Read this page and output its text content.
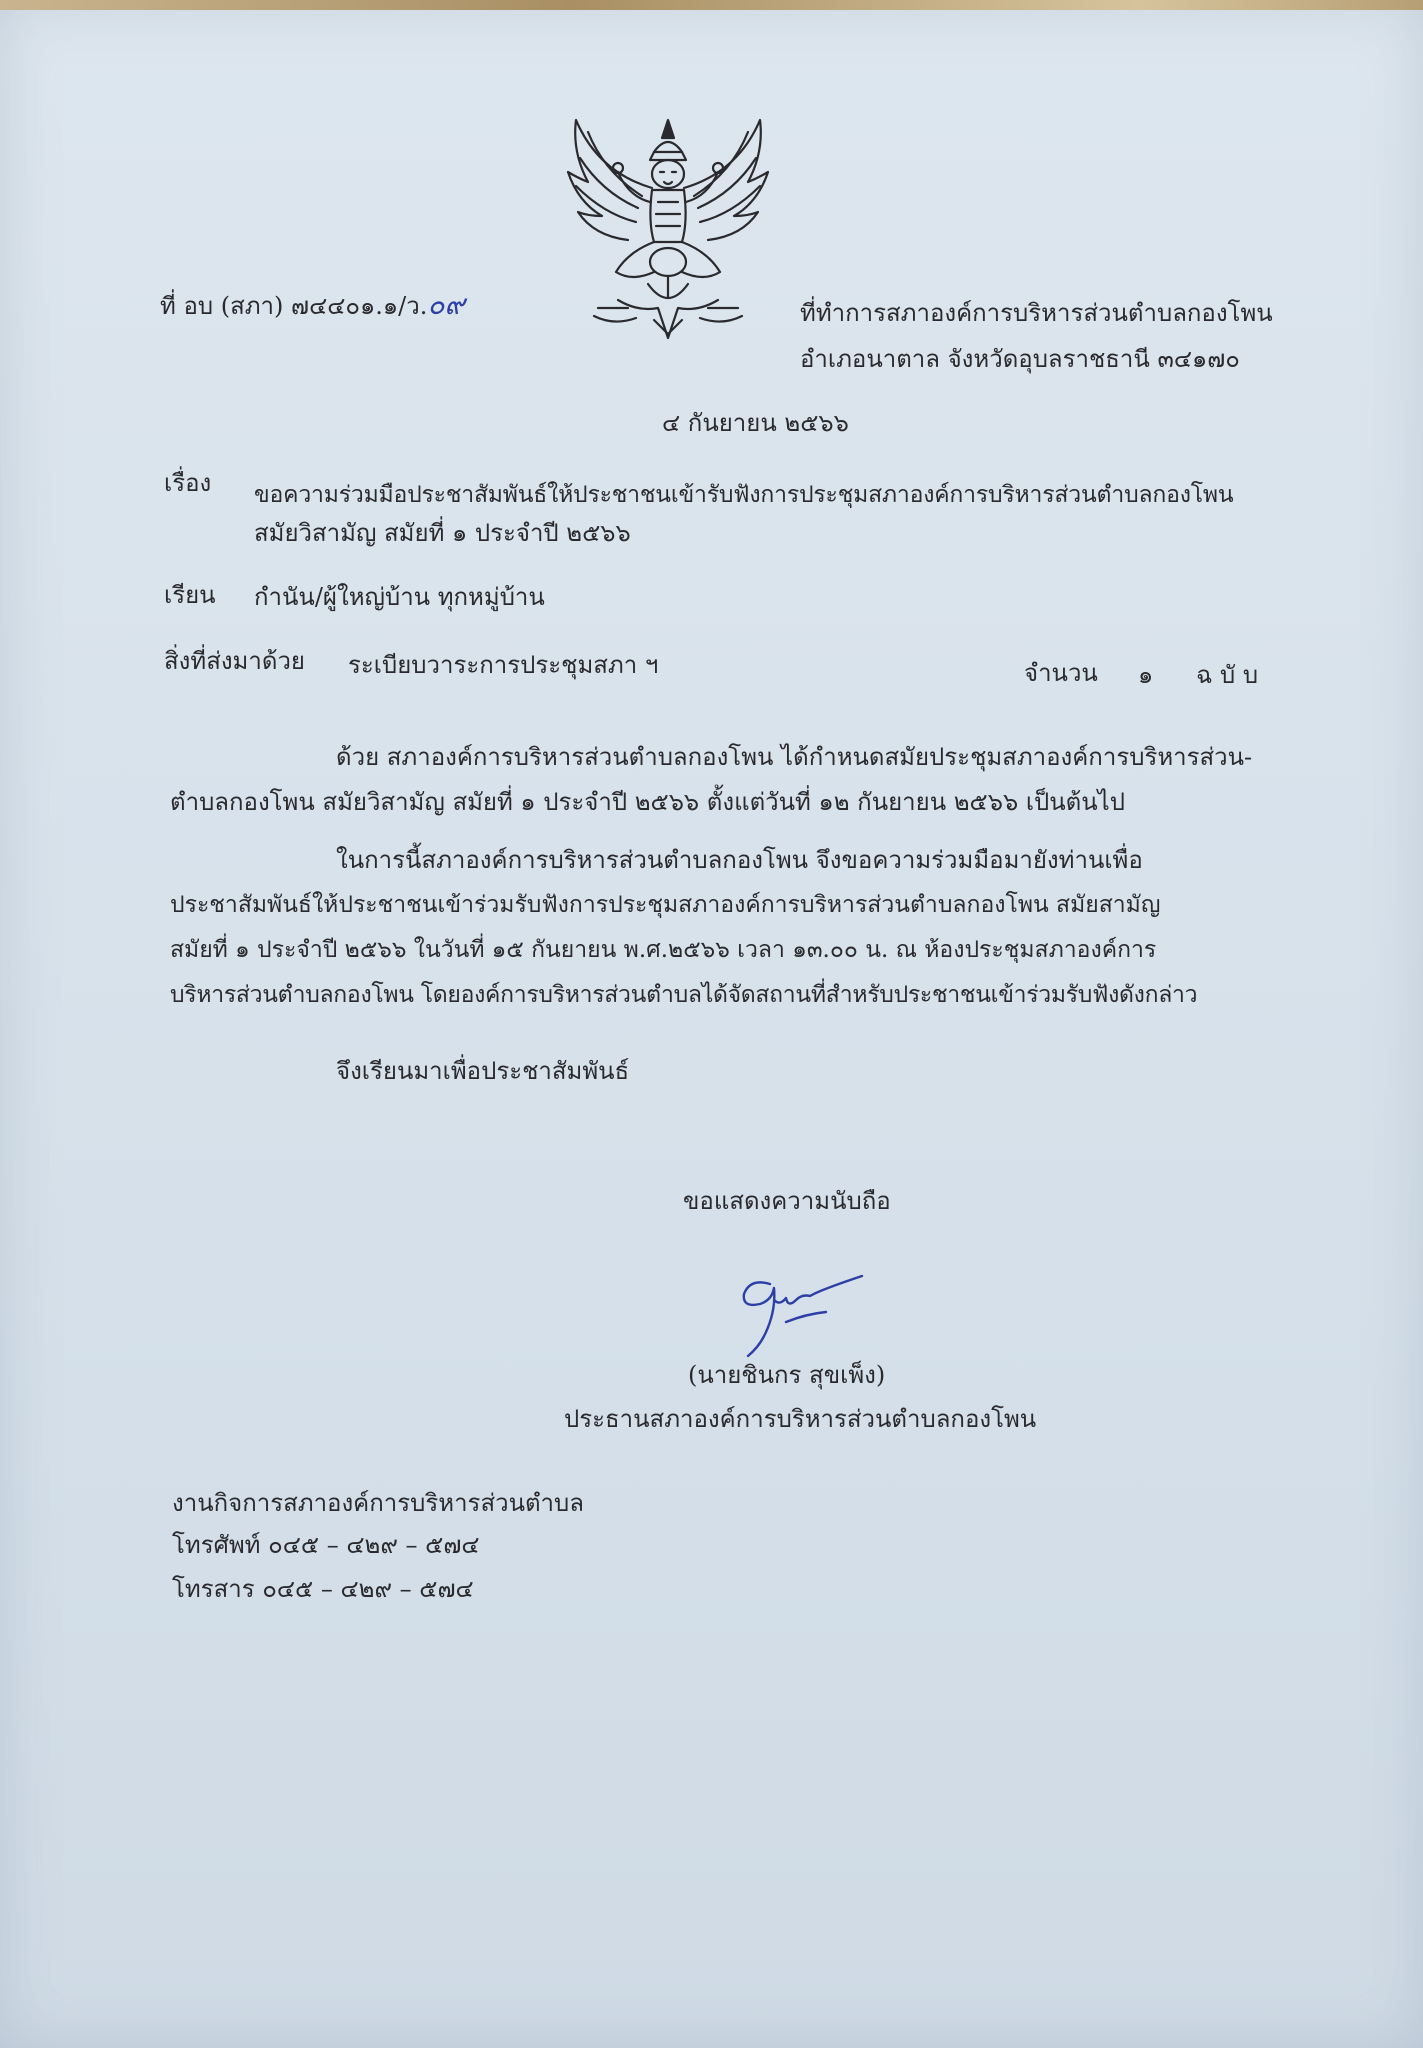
ที่ อบ (สภา) ๗๔๔๐๑.๑/ว.๐๙	ที่ทำการสภาองค์การบริหารส่วนตำบลกองโพน
อำเภอนาตาล จังหวัดอุบลราชธานี ๓๔๑๗๐
๔ กันยายน ๒๕๖๖
เรื่อง ขอความร่วมมือประชาสัมพันธ์ให้ประชาชนเข้ารับฟังการประชุมสภาองค์การบริหารส่วนตำบลกองโพน
สมัยวิสามัญ สมัยที่ ๑ ประจำปี ๒๕๖๖
เรียน กำนัน/ผู้ใหญ่บ้าน ทุกหมู่บ้าน
สิ่งที่ส่งมาด้วย ระเบียบวาระการประชุมสภา ฯ	จำนวน ๑ ฉ บั บ
ด้วย สภาองค์การบริหารส่วนตำบลกองโพน ได้กำหนดสมัยประชุมสภาองค์การบริหารส่วน-
ตำบลกองโพน สมัยวิสามัญ สมัยที่ ๑ ประจำปี ๒๕๖๖ ตั้งแต่วันที่ ๑๒ กันยายน ๒๕๖๖ เป็นต้นไป
ในการนี้สภาองค์การบริหารส่วนตำบลกองโพน จึงขอความร่วมมือมายังท่านเพื่อ
ประชาสัมพันธ์ให้ประชาชนเข้าร่วมรับฟังการประชุมสภาองค์การบริหารส่วนตำบลกองโพน สมัยสามัญ
สมัยที่ ๑ ประจำปี ๒๕๖๖ ในวันที่ ๑๕ กันยายน พ.ศ.๒๕๖๖ เวลา ๑๓.๐๐ น. ณ ห้องประชุมสภาองค์การ
บริหารส่วนตำบลกองโพน โดยองค์การบริหารส่วนตำบลได้จัดสถานที่สำหรับประชาชนเข้าร่วมรับฟังดังกล่าว
จึงเรียนมาเพื่อประชาสัมพันธ์
ขอแสดงความนับถือ
(นายชินกร สุขเพ็ง)
ประธานสภาองค์การบริหารส่วนตำบลกองโพน
งานกิจการสภาองค์การบริหารส่วนตำบล
โทรศัพท์ ๐๔๕ – ๔๒๙ – ๕๗๔
โทรสาร ๐๔๕ – ๔๒๙ – ๕๗๔
